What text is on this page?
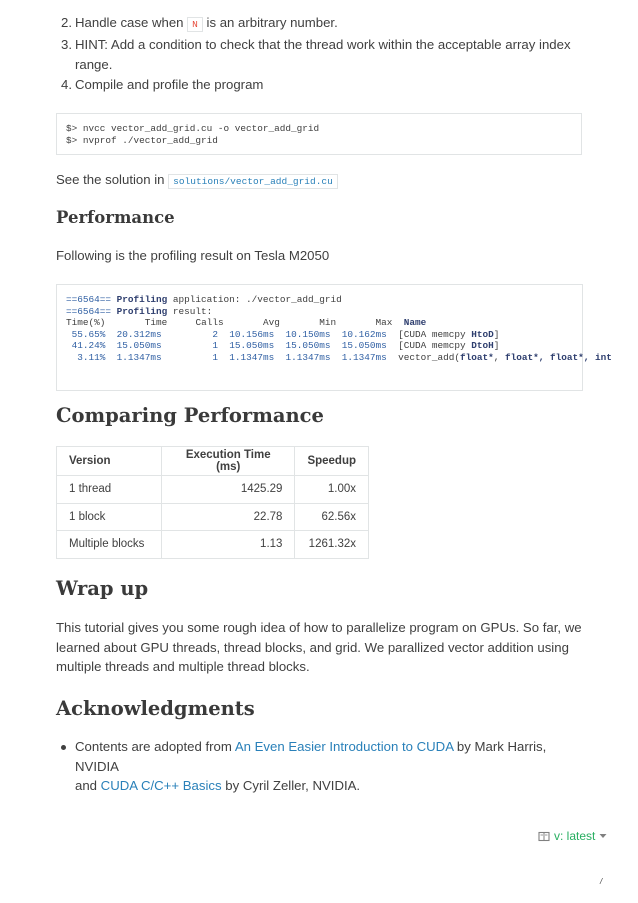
2. Handle case when N is an arbitrary number.
3. HINT: Add a condition to check that the thread work within the acceptable array index
range.
4. Compile and profile the program
$> nvcc vector_add_grid.cu -o vector_add_grid
$> nvprof ./vector_add_grid

See the solution in solutions/vector_add_grid.cu

Performance

Following is the profiling result on Tesla M2050

==6564== Profiling application: ./vector_add_grid
==6564== Profiling result:
Time(%)	Time	Calls	Avg	Min	Max Name
55.65% 20.312ms	2 10.156ms 10.150ms 10.162ms [CUDA memcpy HtoD]
41.24% 15.050ms	1 15.050ms 15.050ms 15.050ms [CUDA memcpy DtoH]
3.11% 1.1347ms	1 1.1347ms 1.1347ms 1.1347ms vector_add(float*, float*, float*, int
Comparing Performance
Version	Execution Time (ms)	Speedup
1 thread	1425.29	1.00x
1 block	22.78	62.56x
Multiple blocks	1.13	1261.32x
Wrap up

This tutorial gives you some rough idea of how to parallelize program on GPUs. So far, we
learned about GPU threads, thread blocks, and grid. We parallized vector addition using
multiple threads and multiple thread blocks.

Acknowledgments
Contents are adopted from An Even Easier Introduction to CUDA by Mark Harris, NVIDIA
and CUDA C/C++ Basics by Cyril Zeller, NVIDIA.
v: latest
/
